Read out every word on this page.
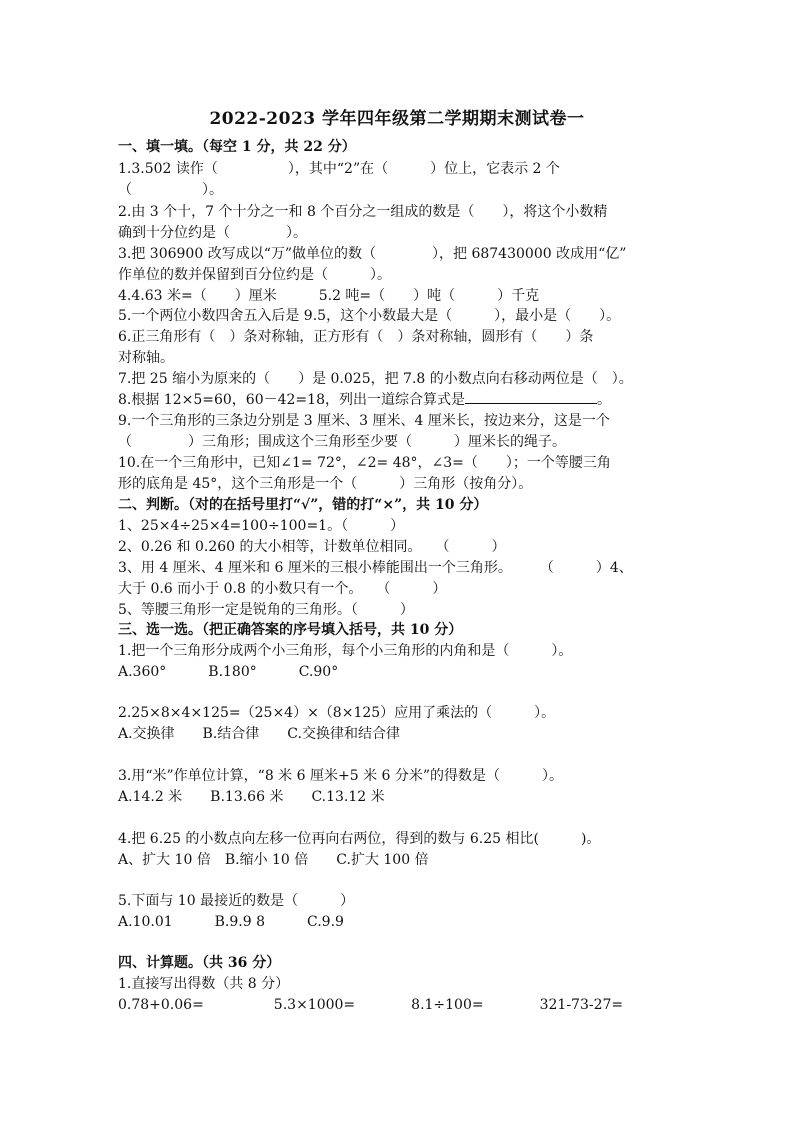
2022-2023 学年四年级第二学期期末测试卷一
一、填一填。（每空 1 分，共 22 分）
1.3.502 读作（　　　　　），其中“2”在（　　　）位上，它表示 2 个
（　　　　　）。
2.由 3 个十，7 个十分之一和 8 个百分之一组成的数是（　　），将这个小数精
确到十分位约是（　　　　）。
3.把 306900 改写成以“万”做单位的数（　　　　），把 687430000 改成用“亿”
作单位的数并保留到百分位约是（　　　）。
4.4.63 米=（　　）厘米　　　5.2 吨=（　　）吨（　　　）千克
5.一个两位小数四舍五入后是 9.5，这个小数最大是（　　　），最小是（　　）。
6.正三角形有（　）条对称轴，正方形有（　）条对称轴，圆形有（　　）条
对称轴。
7.把 25 缩小为原来的（　　）是 0.025，把 7.8 的小数点向右移动两位是（　）。
8.根据 12×5=60，60－42=18，列出一道综合算式是	。
9.一个三角形的三条边分别是 3 厘米、3 厘米、4 厘米长，按边来分，这是一个
（　　　　）三角形；围成这个三角形至少要（　　　）厘米长的绳子。
10.在一个三角形中，已知∠1= 72°，∠2= 48°，∠3=（　　）；一个等腰三角
形的底角是 45°，这个三角形是一个（　　　）三角形（按角分）。
二、判断。（对的在括号里打“√”，错的打“×”，共 10 分）
1、25×4÷25×4=100÷100=1。（　　　）
2、0.26 和 0.260 的大小相等，计数单位相同。　　（　　　）
3、用 4 厘米、4 厘米和 6 厘米的三根小棒能围出一个三角形。　　　（　　　）4、
大于 0.6 而小于 0.8 的小数只有一个。　　（　　　）
5、等腰三角形一定是锐角的三角形。（　　　）
三、选一选。（把正确答案的序号填入括号，共 10 分）
1.把一个三角形分成两个小三角形，每个小三角形的内角和是（　　　）。
A.360°　　　B.180°　　　C.90°
2.25×8×4×125=（25×4）×（8×125）应用了乘法的（　　　）。
A.交换律　　B.结合律　　C.交换律和结合律
3.用“米”作单位计算，“8 米 6 厘米+5 米 6 分米”的得数是（　　　）。
A.14.2 米　　B.13.66 米　　C.13.12 米
4.把 6.25 的小数点向左移一位再向右两位，得到的数与 6.25 相比(　　　)。
A、扩大 10 倍　B.缩小 10 倍　　C.扩大 100 倍
5.下面与 10 最接近的数是（　　　）
A.10.01　　　B.9.9 8　　　C.9.9
四、计算题。（共 36 分）
1.直接写出得数（共 8 分）
0.78+0.06=　　　　　5.3×1000=　　　　8.1÷100=　　　　321-73-27=
